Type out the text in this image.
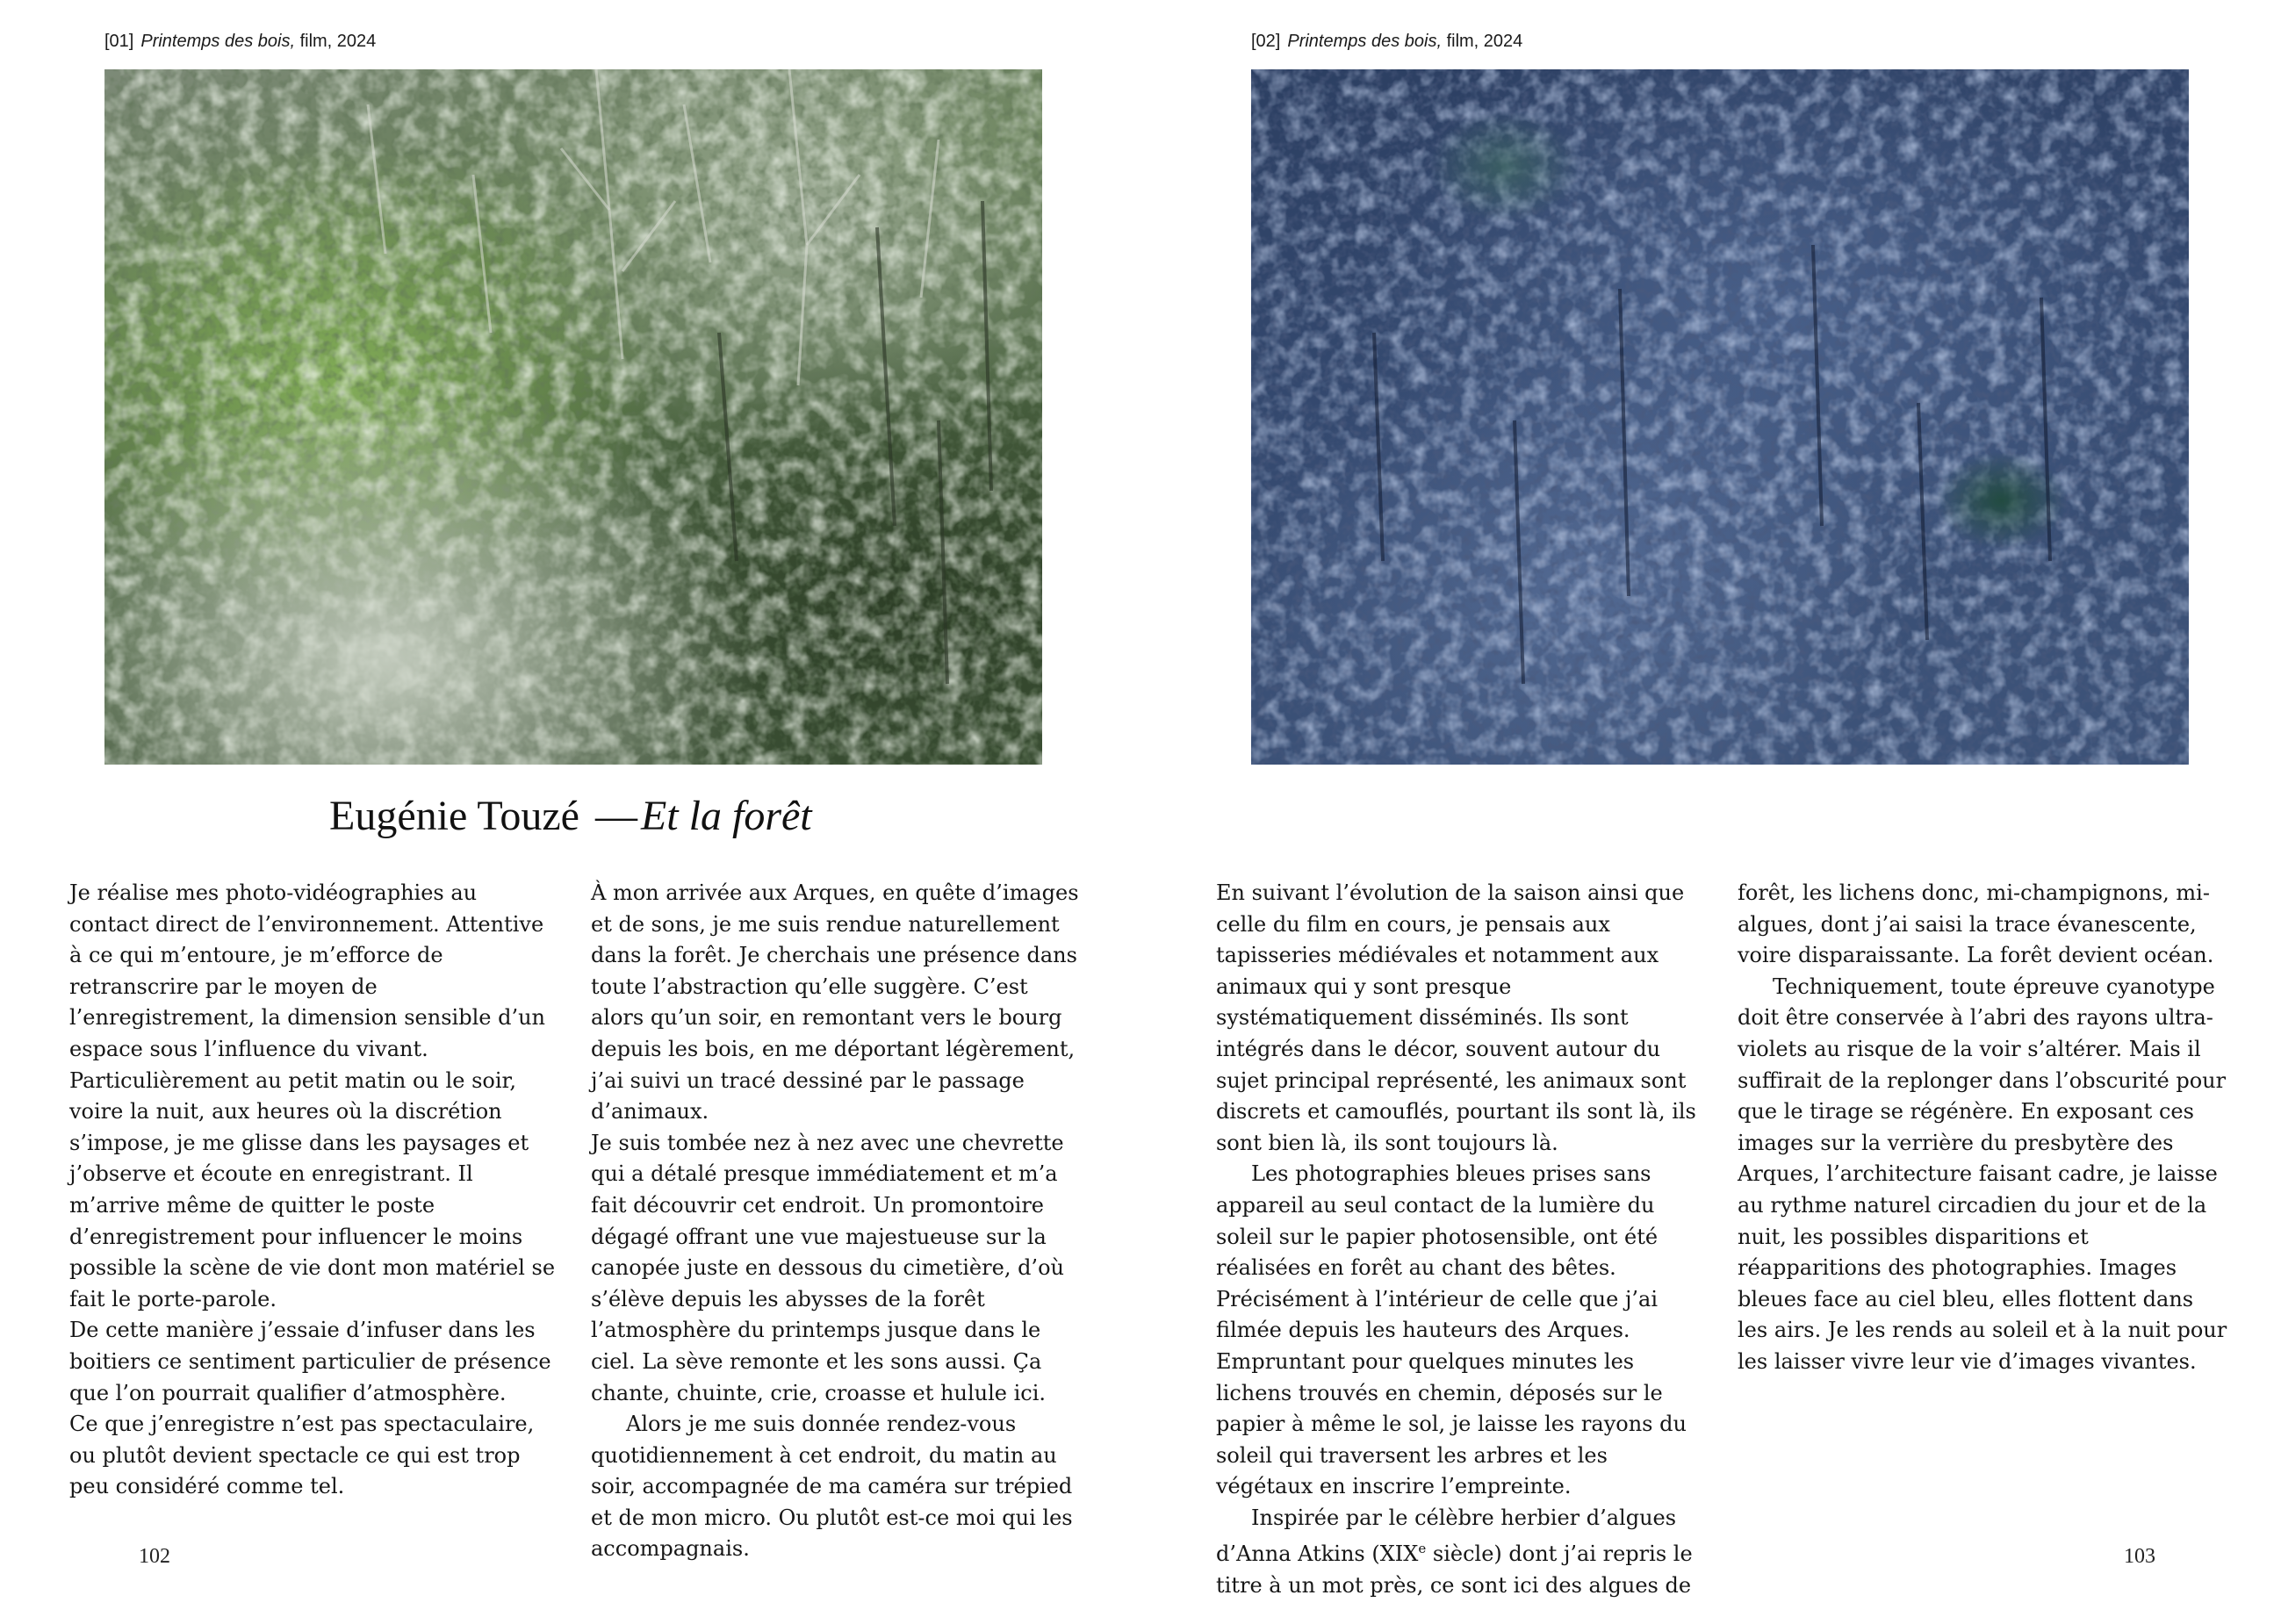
[01] Printemps des bois, film, 2024
Eugénie Touzé —Et la forêt

Je réalise mes photo-vidéographies au contact direct de l’environnement. Attentive à ce qui m’entoure, je m’efforce de retranscrire par le moyen de l’enregistrement, la dimension sensible d’un espace sous l’influence du vivant. Particulièrement au petit matin ou le soir, voire la nuit, aux heures où la discrétion s’impose, je me glisse dans les paysages et j’observe et écoute en enregistrant. Il m’arrive même de quitter le poste d’enregistrement pour influencer le moins possible la scène de vie dont mon matériel se fait le porte-parole.

De cette manière j’essaie d’infuser dans les boitiers ce sentiment particulier de présence que l’on pourrait qualifier d’atmosphère.

Ce que j’enregistre n’est pas spectaculaire, ou plutôt devient spectacle ce qui est trop peu considéré comme tel.

À mon arrivée aux Arques, en quête d’images et de sons, je me suis rendue naturellement dans la forêt. Je cherchais une présence dans toute l’abstraction qu’elle suggère. C’est alors qu’un soir, en remontant vers le bourg depuis les bois, en me déportant légèrement, j’ai suivi un tracé dessiné par le passage d’animaux.

Je suis tombée nez à nez avec une chevrette qui a détalé presque immédiatement et m’a fait découvrir cet endroit. Un promontoire dégagé offrant une vue majestueuse sur la canopée juste en dessous du cimetière, d’où s’élève depuis les abysses de la forêt l’atmosphère du printemps jusque dans le ciel. La sève remonte et les sons aussi. Ça chante, chuinte, crie, croasse et hulule ici.

Alors je me suis donnée rendez-vous quotidiennement à cet endroit, du matin au soir, accompagnée de ma caméra sur trépied et de mon micro. Ou plutôt est-ce moi qui les accompagnais.

102
[02] Printemps des bois, film, 2024

En suivant l’évolution de la saison ainsi que celle du film en cours, je pensais aux tapisseries médiévales et notamment aux animaux qui y sont presque systématiquement disséminés. Ils sont intégrés dans le décor, souvent autour du sujet principal représenté, les animaux sont discrets et camouflés, pourtant ils sont là, ils sont bien là, ils sont toujours là.

Les photographies bleues prises sans appareil au seul contact de la lumière du soleil sur le papier photosensible, ont été réalisées en forêt au chant des bêtes. Précisément à l’intérieur de celle que j’ai filmée depuis les hauteurs des Arques. Empruntant pour quelques minutes les lichens trouvés en chemin, déposés sur le papier à même le sol, je laisse les rayons du soleil qui traversent les arbres et les végétaux en inscrire l’empreinte.

Inspirée par le célèbre herbier d’algues d’Anna Atkins (XIXe siècle) dont j’ai repris le titre à un mot près, ce sont ici des algues de

forêt, les lichens donc, mi-champignons, mi-algues, dont j’ai saisi la trace évanescente, voire disparaissante. La forêt devient océan.

Techniquement, toute épreuve cyanotype doit être conservée à l’abri des rayons ultra-violets au risque de la voir s’altérer. Mais il suffirait de la replonger dans l’obscurité pour que le tirage se régénère. En exposant ces images sur la verrière du presbytère des Arques, l’architecture faisant cadre, je laisse au rythme naturel circadien du jour et de la nuit, les possibles disparitions et réapparitions des photographies. Images bleues face au ciel bleu, elles flottent dans les airs. Je les rends au soleil et à la nuit pour les laisser vivre leur vie d’images vivantes.

103
